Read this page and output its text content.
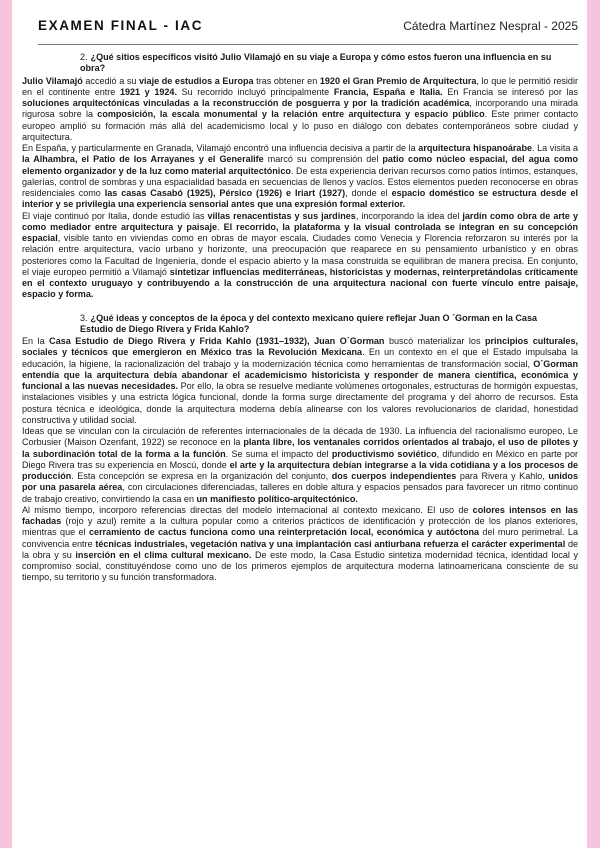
EXAMEN FINAL - IAC	Cátedra Martínez Nespral - 2025
2. ¿Qué sitios específicos visitó Julio Vilamajó en su viaje a Europa y cómo estos fueron una influencia en su obra?

Julio Vilamajó accedió a su viaje de estudios a Europa tras obtener en 1920 el Gran Premio de Arquitectura, lo que le permitió residir en el continente entre 1921 y 1924. Su recorrido incluyó principalmente Francia, España e Italia. En Francia se interesó por las soluciones arquitectónicas vinculadas a la reconstrucción de posguerra y por la tradición académica, incorporando una mirada rigurosa sobre la composición, la escala monumental y la relación entre arquitectura y espacio público. Este primer contacto europeo amplió su formación más allá del academicismo local y lo puso en diálogo con debates contemporáneos sobre ciudad y arquitectura.

En España, y particularmente en Granada, Vilamajó encontró una influencia decisiva a partir de la arquitectura hispanoárabe. La visita a la Alhambra, el Patio de los Arrayanes y el Generalife marcó su comprensión del patio como núcleo espacial, del agua como elemento organizador y de la luz como material arquitectónico. De esta experiencia derivan recursos como patios íntimos, estanques, galerías, control de sombras y una espacialidad basada en secuencias de llenos y vacíos. Estos elementos pueden reconocerse en obras residenciales como las casas Casabó (1925), Pérsico (1926) e Iriart (1927), donde el espacio doméstico se estructura desde el interior y se privilegia una experiencia sensorial antes que una expresión formal exterior.

El viaje continuó por Italia, donde estudió las villas renacentistas y sus jardines, incorporando la idea del jardín como obra de arte y como mediador entre arquitectura y paisaje. El recorrido, la plataforma y la visual controlada se integran en su concepción espacial, visible tanto en viviendas como en obras de mayor escala. Ciudades como Venecia y Florencia reforzaron su interés por la relación entre arquitectura, vacío urbano y horizonte, una preocupación que reaparece en su pensamiento urbanístico y en obras posteriores como la Facultad de Ingeniería, donde el espacio abierto y la masa construida se equilibran de manera precisa. En conjunto, el viaje europeo permitió a Vilamajó sintetizar influencias mediterráneas, historicistas y modernas, reinterpretándolas críticamente en el contexto uruguayo y contribuyendo a la construcción de una arquitectura nacional con fuerte vínculo entre paisaje, espacio y forma.

3. ¿Qué ideas y conceptos de la época y del contexto mexicano quiere reflejar Juan O ´Gorman en la Casa Estudio de Diego Rivera y Frida Kahlo?

En la Casa Estudio de Diego Rivera y Frida Kahlo (1931–1932), Juan O´Gorman buscó materializar los principios culturales, sociales y técnicos que emergieron en México tras la Revolución Mexicana. En un contexto en el que el Estado impulsaba la educación, la higiene, la racionalización del trabajo y la modernización técnica como herramientas de transformación social, O´Gorman entendía que la arquitectura debía abandonar el academicismo historicista y responder de manera científica, económica y funcional a las nuevas necesidades. Por ello, la obra se resuelve mediante volúmenes ortogonales, estructuras de hormigón expuestas, instalaciones visibles y una estricta lógica funcional, donde la forma surge directamente del programa y del ahorro de recursos. Esta postura técnica e ideológica, donde la arquitectura moderna debía alinearse con los valores revolucionarios de claridad, honestidad constructiva y utilidad social.

Ideas que se vinculan con la circulación de referentes internacionales de la década de 1930. La influencia del racionalismo europeo, Le Corbusier (Maison Ozenfant, 1922) se reconoce en la planta libre, los ventanales corridos orientados al trabajo, el uso de pilotes y la subordinación total de la forma a la función. Se suma el impacto del productivismo soviético, difundido en México en parte por Diego Rivera tras su experiencia en Moscú, donde el arte y la arquitectura debían integrarse a la vida cotidiana y a los procesos de producción. Esta concepción se expresa en la organización del conjunto, dos cuerpos independientes para Rivera y Kahlo, unidos por una pasarela aérea, con circulaciones diferenciadas, talleres en doble altura y espacios pensados para favorecer un ritmo continuo de trabajo creativo, convirtiendo la casa en un manifiesto político-arquitectónico.

Al mismo tiempo, incorporo referencias directas del modelo internacional al contexto mexicano. El uso de colores intensos en las fachadas (rojo y azul) remite a la cultura popular como a criterios prácticos de identificación y protección de los planos exteriores, mientras que el cerramiento de cactus funciona como una reinterpretación local, económica y autóctona del muro perimetral. La convivencia entre técnicas industriales, vegetación nativa y una implantación casi antiurbana refuerza el carácter experimental de la obra y su inserción en el clima cultural mexicano. De este modo, la Casa Estudio sintetiza modernidad técnica, identidad local y compromiso social, constituyéndose como uno de los primeros ejemplos de arquitectura moderna latinoamericana consciente de su tiempo, su territorio y su función transformadora.
